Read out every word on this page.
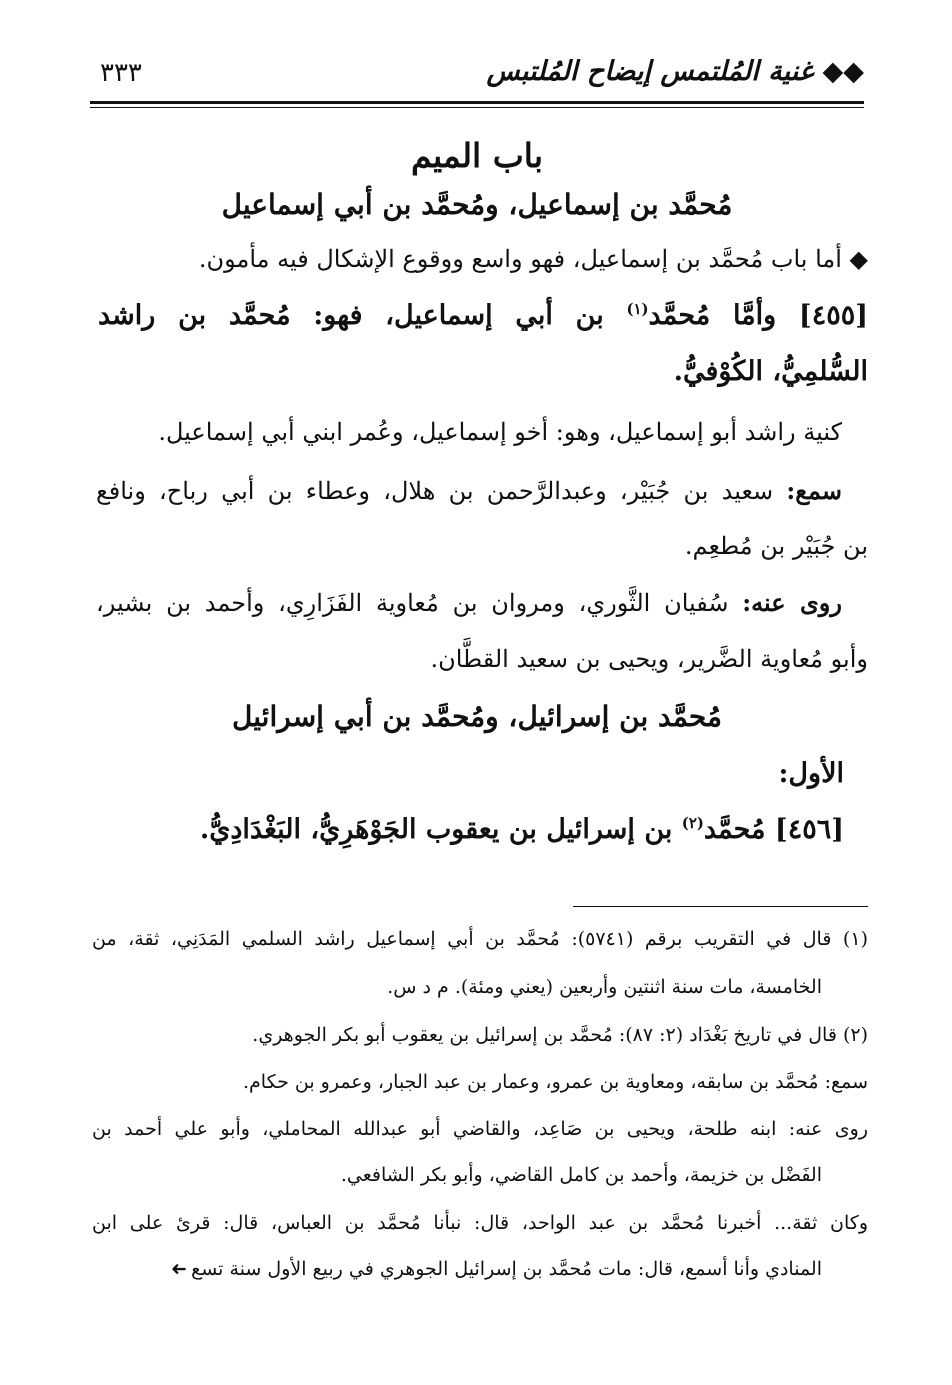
◆◆ غنية المُلتمس إيضاح المُلتبس
٣٣٣
باب الميم
مُحمَّد بن إسماعيل، ومُحمَّد بن أبي إسماعيل
◆ أما باب مُحمَّد بن إسماعيل، فهو واسع ووقوع الإشكال فيه مأمون.
[٤٥٥] وأمَّا مُحمَّد$^{(١)}$ بن أبي إسماعيل، فهو: مُحمَّد بن راشد
السُّلمِيُّ، الكُوْفيُّ.
كنية راشد أبو إسماعيل، وهو: أخو إسماعيل، وعُمر ابني أبي إسماعيل.
سمع: سعيد بن جُبَيْر، وعبدالرَّحمن بن هلال، وعطاء بن أبي رباح، ونافع
بن جُبَيْر بن مُطعِم.
روى عنه: سُفيان الثَّوري، ومروان بن مُعاوية الفَزَارِي، وأحمد بن بشير،
وأبو مُعاوية الضَّرير، ويحيى بن سعيد القطَّان.
مُحمَّد بن إسرائيل، ومُحمَّد بن أبي إسرائيل
الأول:
[٤٥٦] مُحمَّد$^{(٢)}$ بن إسرائيل بن يعقوب الجَوْهَرِيُّ، البَغْدَادِيُّ.
(١) قال في التقريب برقم (٥٧٤١): مُحمَّد بن أبي إسماعيل راشد السلمي المَدَنِي، ثقة، من
الخامسة، مات سنة اثنتين وأربعين (يعني ومئة). م د س.
(٢) قال في تاريخ بَغْدَاد (٢: ٨٧): مُحمَّد بن إسرائيل بن يعقوب أبو بكر الجوهري.
سمع: مُحمَّد بن سابقه، ومعاوية بن عمرو، وعمار بن عبد الجبار، وعمرو بن حكام.
روى عنه: ابنه طلحة، ويحيى بن صَاعِد، والقاضي أبو عبدالله المحاملي، وأبو علي أحمد بن
الفَضْل بن خزيمة، وأحمد بن كامل القاضي، وأبو بكر الشافعي.
وكان ثقة... أخبرنا مُحمَّد بن عبد الواحد، قال: نبأنا مُحمَّد بن العباس، قال: قرئ على ابن
المنادي وأنا أسمع، قال: مات مُحمَّد بن إسرائيل الجوهري في ربيع الأول سنة تسع➜
